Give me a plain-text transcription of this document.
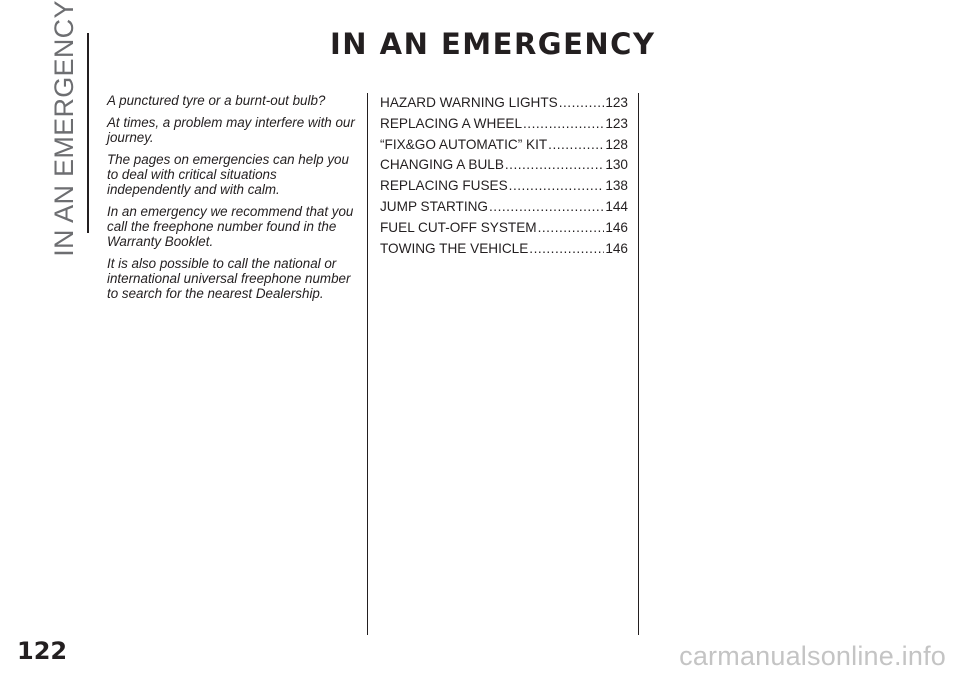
IN AN EMERGENCY	IN AN EMERGENCY

A punctured tyre or a burnt-out bulb?

At times, a problem may interfere with our journey.

The pages on emergencies can help you to deal with critical situations independently and with calm.

In an emergency we recommend that you call the freephone number found in the Warranty Booklet.

It is also possible to call the national or international universal freephone number to search for the nearest Dealership.

HAZARD WARNING LIGHTS .....	123
REPLACING A WHEEL .....	123
“FIX&GO AUTOMATIC” KIT .....	128
CHANGING A BULB .....	130
REPLACING FUSES .....	138
JUMP STARTING .....	144
FUEL CUT-OFF SYSTEM .....	146
TOWING THE VEHICLE .....	146
122	carmanualsonline.info
